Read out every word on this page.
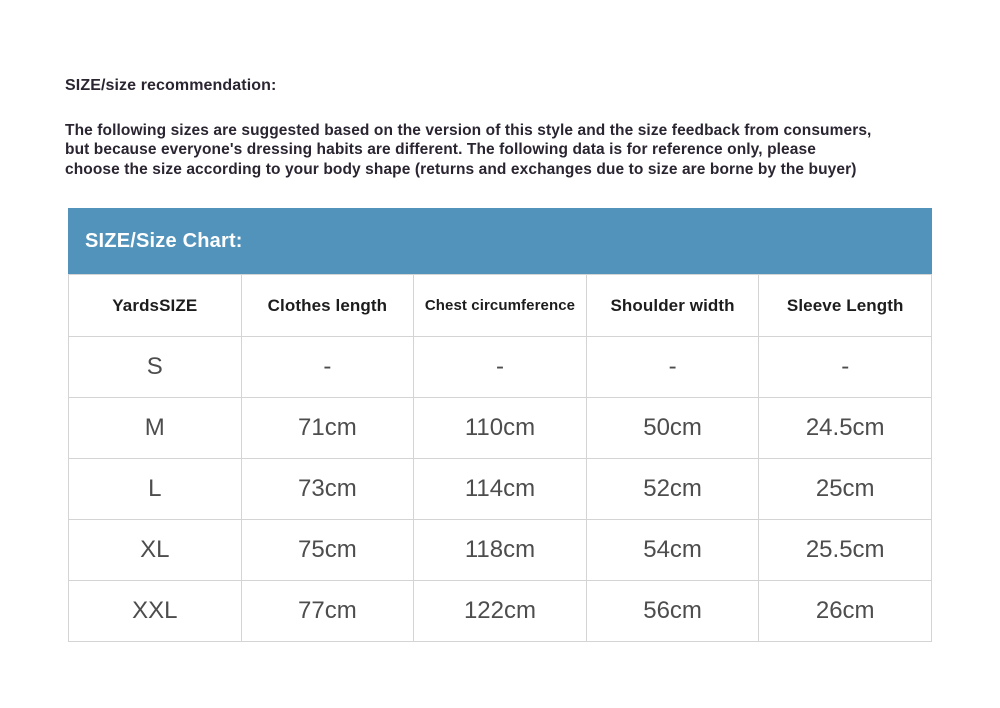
SIZE/size recommendation:
The following sizes are suggested based on the version of this style and the size feedback from consumers,
but because everyone's dressing habits are different. The following data is for reference only, please
choose the size according to your body shape (returns and exchanges due to size are borne by the buyer)
SIZE/Size Chart:
YardsSIZE	Clothes length	Chest circumference	Shoulder width	Sleeve Length
S	-	-	-	-
M	71cm	110cm	50cm	24.5cm
L	73cm	114cm	52cm	25cm
XL	75cm	118cm	54cm	25.5cm
XXL	77cm	122cm	56cm	26cm
